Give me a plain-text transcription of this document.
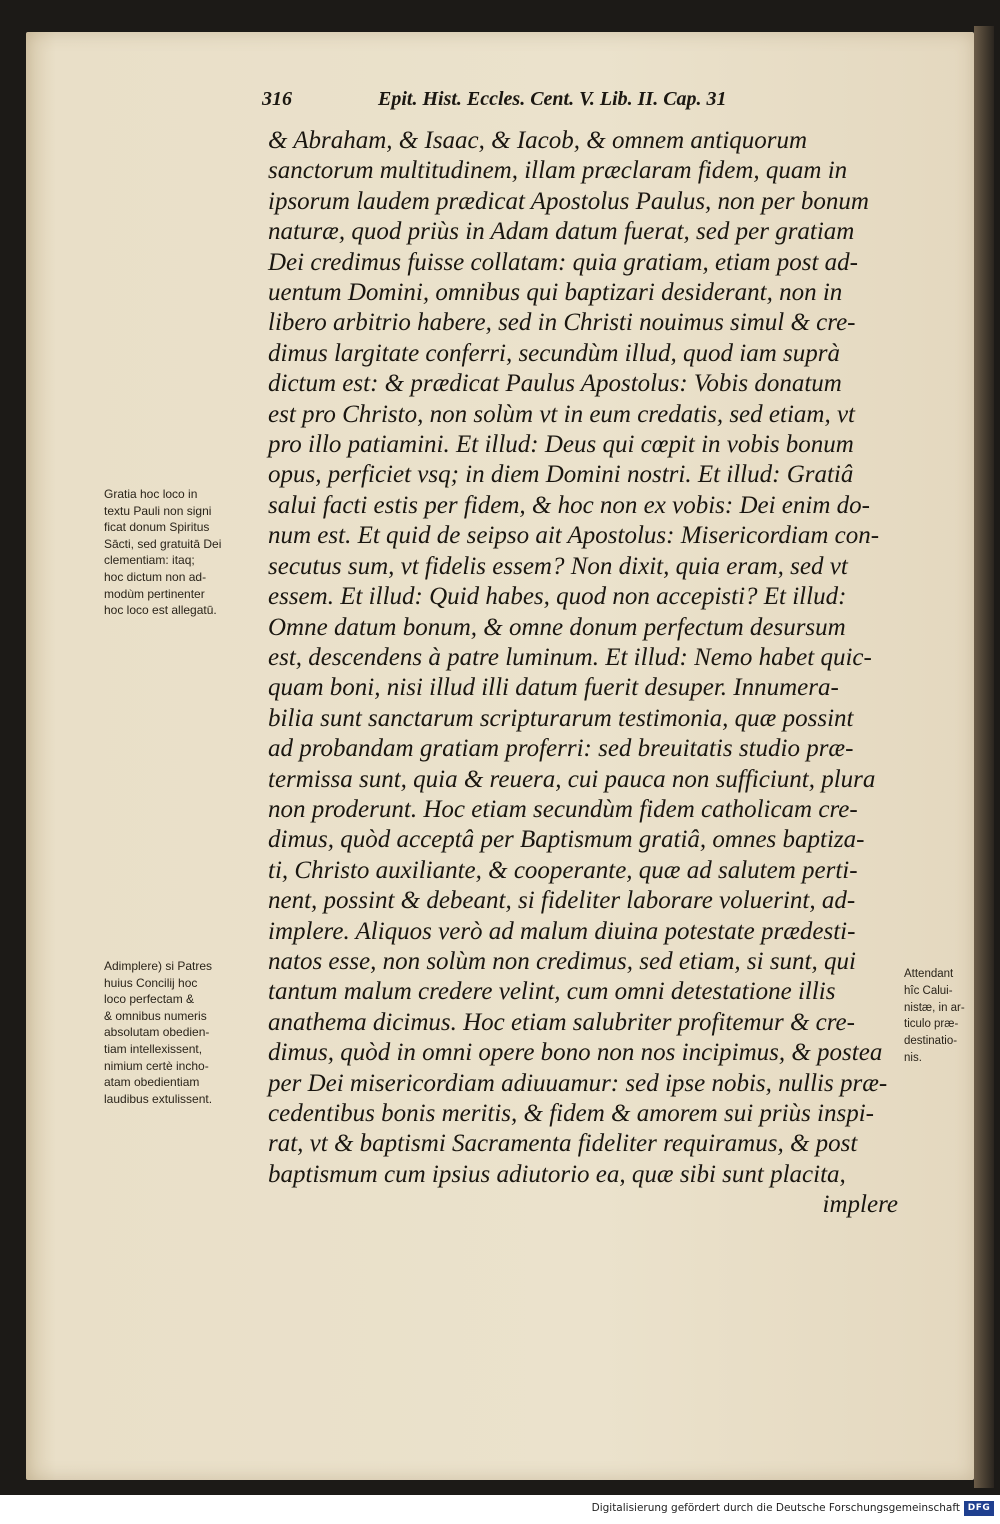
316	Epit. Hist. Eccles. Cent. V. Lib. II. Cap. 31
& Abraham, & Isaac, & Iacob, & omnem antiquorum
sanctorum multitudinem, illam præclaram fidem, quam in
ipsorum laudem prædicat Apostolus Paulus, non per bonum
naturæ, quod priùs in Adam datum fuerat, sed per gratiam
Dei credimus fuisse collatam: quia gratiam, etiam post ad-
uentum Domini, omnibus qui baptizari desiderant, non in
libero arbitrio habere, sed in Christi nouimus simul & cre-
dimus largitate conferri, secundùm illud, quod iam suprà
dictum est: & prædicat Paulus Apostolus: Vobis donatum
est pro Christo, non solùm vt in eum credatis, sed etiam, vt
pro illo patiamini. Et illud: Deus qui cœpit in vobis bonum
opus, perficiet vsq; in diem Domini nostri. Et illud: Gratiâ
salui facti estis per fidem, & hoc non ex vobis: Dei enim do-
num est. Et quid de seipso ait Apostolus: Misericordiam con-
secutus sum, vt fidelis essem? Non dixit, quia eram, sed vt
essem. Et illud: Quid habes, quod non accepisti? Et illud:
Omne datum bonum, & omne donum perfectum desursum
est, descendens à patre luminum. Et illud: Nemo habet quic-
quam boni, nisi illud illi datum fuerit desuper. Innumera-
bilia sunt sanctarum scripturarum testimonia, quæ possint
ad probandam gratiam proferri: sed breuitatis studio præ-
termissa sunt, quia & reuera, cui pauca non sufficiunt, plura
non proderunt. Hoc etiam secundùm fidem catholicam cre-
dimus, quòd acceptâ per Baptismum gratiâ, omnes baptiza-
ti, Christo auxiliante, & cooperante, quæ ad salutem perti-
nent, possint & debeant, si fideliter laborare voluerint, ad-
implere. Aliquos verò ad malum diuina potestate prædesti-
natos esse, non solùm non credimus, sed etiam, si sunt, qui
tantum malum credere velint, cum omni detestatione illis
anathema dicimus. Hoc etiam salubriter profitemur & cre-
dimus, quòd in omni opere bono non nos incipimus, & postea
per Dei misericordiam adiuuamur: sed ipse nobis, nullis præ-
cedentibus bonis meritis, & fidem & amorem sui priùs inspi-
rat, vt & baptismi Sacramenta fideliter requiramus, & post
baptismum cum ipsius adiutorio ea, quæ sibi sunt placita,
implere
Gratia hoc loco in
textu Pauli non signi
ficat donum Spiritus
Sācti, sed gratuitā Dei
clementiam: itaq;
hoc dictum non ad-
modùm pertinenter
hoc loco est allegatū.
Adimplere) si Patres
huius Concilij hoc
loco perfectam &
& omnibus numeris
absolutam obedien-
tiam intellexissent,
nimium certè incho-
atam obedientiam
laudibus extulissent.
Attendant
hîc Calui-
nistæ, in ar-
ticulo præ-
destinatio-
nis.
Digitalisierung gefördert durch die Deutsche Forschungsgemeinschaft DFG
